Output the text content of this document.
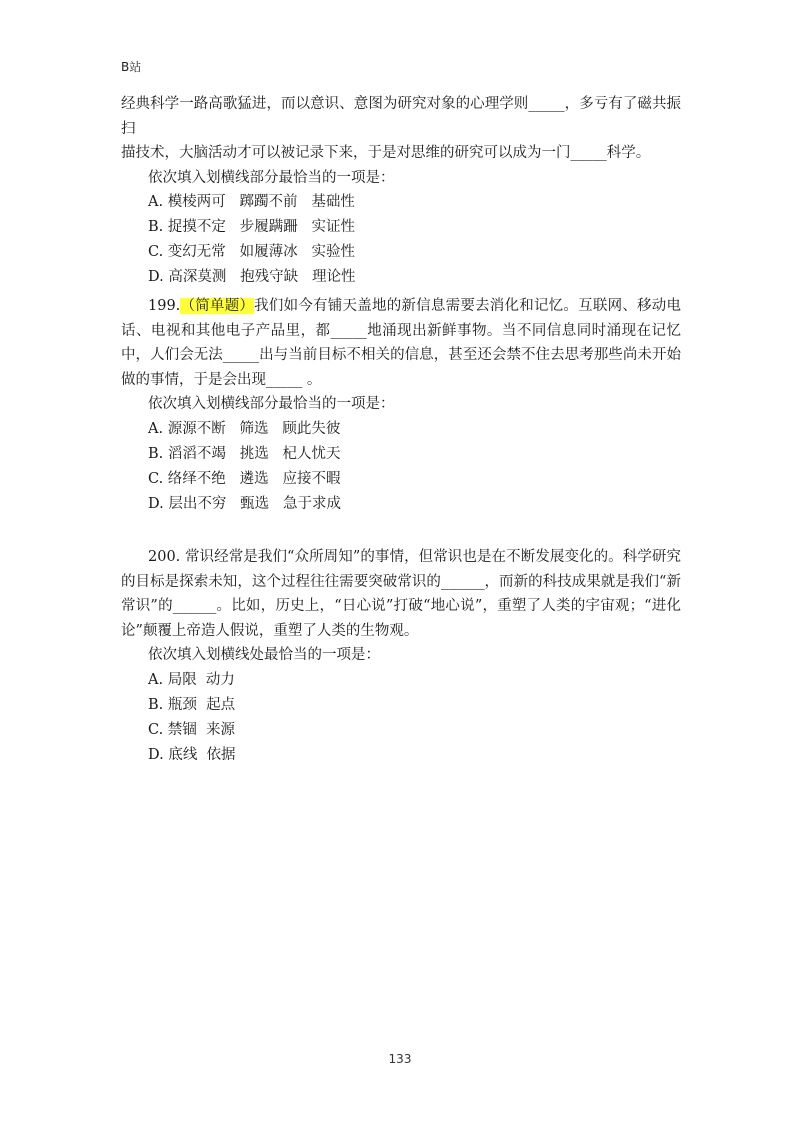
B站

经典科学一路高歌猛进，而以意识、意图为研究对象的心理学则_____，多亏有了磁共振扫
描技术，大脑活动才可以被记录下来，于是对思维的研究可以成为一门_____科学。

依次填入划横线部分最恰当的一项是：
A. 模棱两可   踯躅不前   基础性
B. 捉摸不定   步履蹒跚   实证性
C. 变幻无常   如履薄冰   实验性
D. 高深莫测   抱残守缺   理论性

199.（简单题）我们如今有铺天盖地的新信息需要去消化和记忆。互联网、移动电话、电视和其他电子产品里，都_____地涌现出新鲜事物。当不同信息同时涌现在记忆中，人们会无法_____出与当前目标不相关的信息，甚至还会禁不住去思考那些尚未开始做的事情，于是会出现_____ 。

依次填入划横线部分最恰当的一项是：
A. 源源不断   筛选   顾此失彼
B. 滔滔不竭   挑选   杞人忧天
C. 络绎不绝   遴选   应接不暇
D. 层出不穷   甄选   急于求成

200. 常识经常是我们“众所周知”的事情，但常识也是在不断发展变化的。科学研究的目标是探索未知，这个过程往往需要突破常识的______，而新的科技成果就是我们“新常识”的______。比如，历史上，“日心说”打破“地心说”，重塑了人类的宇宙观；“进化论”颠覆上帝造人假说，重塑了人类的生物观。

依次填入划横线处最恰当的一项是：
A. 局限  动力
B. 瓶颈  起点
C. 禁锢  来源
D. 底线  依据
133
